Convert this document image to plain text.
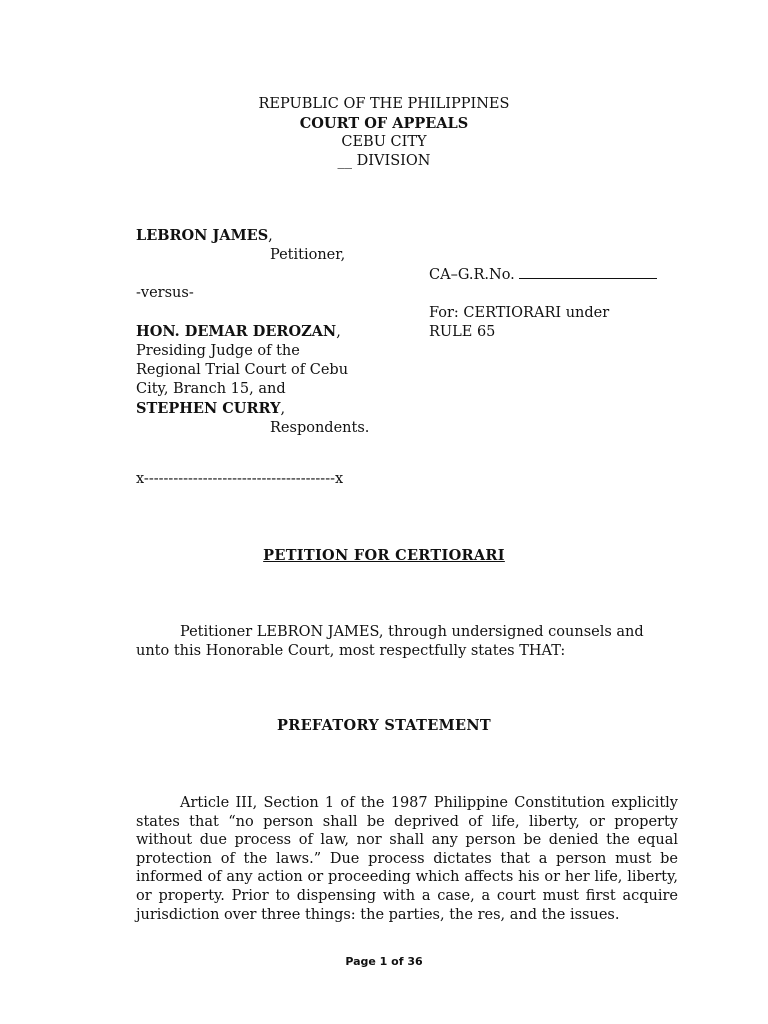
REPUBLIC OF THE PHILIPPINES
COURT OF APPEALS
CEBU CITY
__ DIVISION
LEBRON JAMES,
Petitioner,
-versus-
HON. DEMAR DEROZAN,
Presiding Judge of the
Regional Trial Court of Cebu
City, Branch 15, and
STEPHEN CURRY,
Respondents.
CA–G.R.No.
For: CERTIORARI under
RULE 65
x---------------------------------------x
PETITION FOR CERTIORARI
Petitioner LEBRON JAMES, through undersigned counsels and unto this Honorable Court, most respectfully states THAT:
PREFATORY STATEMENT
Article III, Section 1 of the 1987 Philippine Constitution explicitly states that “no person shall be deprived of life, liberty, or property without due process of law, nor shall any person be denied the equal protection of the laws.” Due process dictates that a person must be informed of any action or proceeding which affects his or her life, liberty, or property. Prior to dispensing with a case, a court must first acquire jurisdiction over three things: the parties, the res, and the issues.
Page 1 of 36
